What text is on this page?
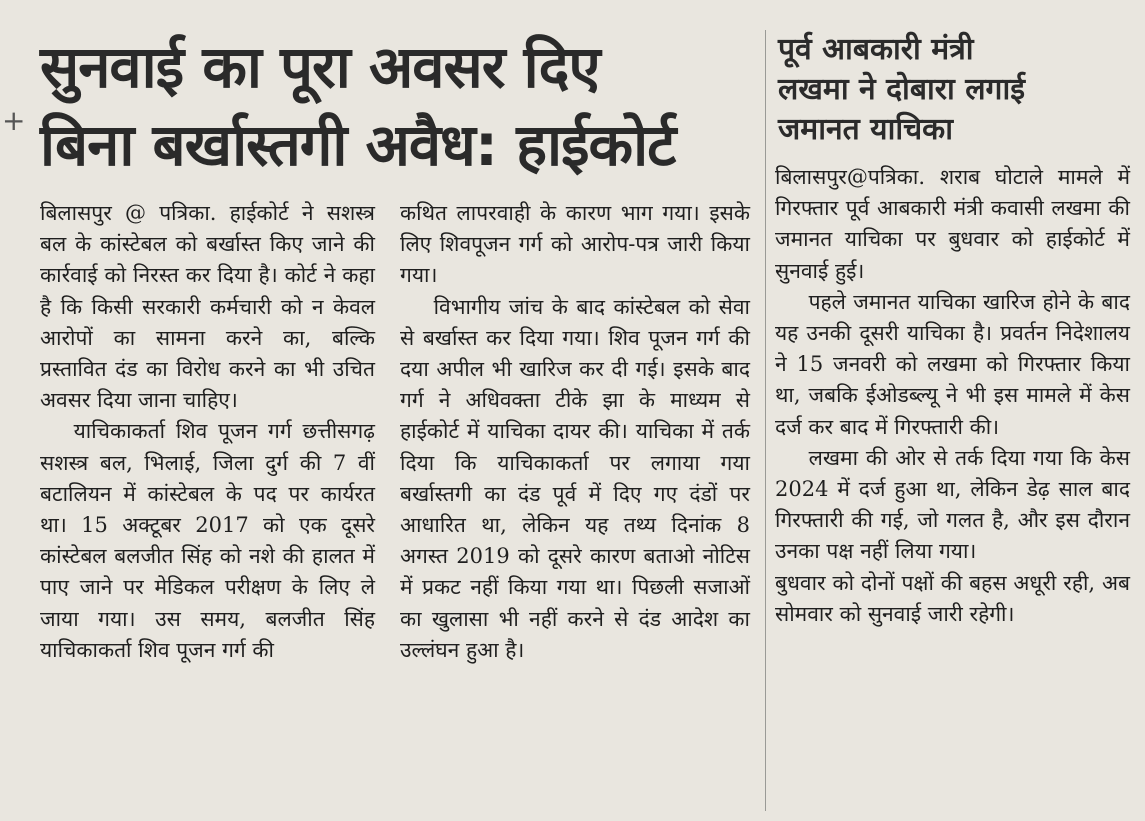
+
सुनवाई का पूरा अवसर दिए
बिना बर्खास्तगी अवैध: हाईकोर्ट
पूर्व आबकारी मंत्री
लखमा ने दोबारा लगाई
जमानत याचिका

बिलासपुर @ पत्रिका. हाईकोर्ट ने सशस्त्र बल के कांस्टेबल को बर्खास्त किए जाने की कार्रवाई को निरस्त कर दिया है। कोर्ट ने कहा है कि किसी सरकारी कर्मचारी को न केवल आरोपों का सामना करने का, बल्कि प्रस्तावित दंड का विरोध करने का भी उचित अवसर दिया जाना चाहिए।

याचिकाकर्ता शिव पूजन गर्ग छत्तीसगढ़ सशस्त्र बल, भिलाई, जिला दुर्ग की 7 वीं बटालियन में कांस्टेबल के पद पर कार्यरत था। 15 अक्टूबर 2017 को एक दूसरे कांस्टेबल बलजीत सिंह को नशे की हालत में पाए जाने पर मेडिकल परीक्षण के लिए ले जाया गया। उस समय, बलजीत सिंह याचिकाकर्ता शिव पूजन गर्ग की

कथित लापरवाही के कारण भाग गया। इसके लिए शिवपूजन गर्ग को आरोप-पत्र जारी किया गया।

विभागीय जांच के बाद कांस्टेबल को सेवा से बर्खास्त कर दिया गया। शिव पूजन गर्ग की दया अपील भी खारिज कर दी गई। इसके बाद गर्ग ने अधिवक्ता टीके झा के माध्यम से हाईकोर्ट में याचिका दायर की। याचिका में तर्क दिया कि याचिकाकर्ता पर लगाया गया बर्खास्तगी का दंड पूर्व में दिए गए दंडों पर आधारित था, लेकिन यह तथ्य दिनांक 8 अगस्त 2019 को दूसरे कारण बताओ नोटिस में प्रकट नहीं किया गया था। पिछली सजाओं का खुलासा भी नहीं करने से दंड आदेश का उल्लंघन हुआ है।

बिलासपुर@पत्रिका. शराब घोटाले मामले में गिरफ्तार पूर्व आबकारी मंत्री कवासी लखमा की जमानत याचिका पर बुधवार को हाईकोर्ट में सुनवाई हुई।

पहले जमानत याचिका खारिज होने के बाद यह उनकी दूसरी याचिका है। प्रवर्तन निदेशालय ने 15 जनवरी को लखमा को गिरफ्तार किया था, जबकि ईओडब्ल्यू ने भी इस मामले में केस दर्ज कर बाद में गिरफ्तारी की।

लखमा की ओर से तर्क दिया गया कि केस 2024 में दर्ज हुआ था, लेकिन डेढ़ साल बाद गिरफ्तारी की गई, जो गलत है, और इस दौरान उनका पक्ष नहीं लिया गया।

बुधवार को दोनों पक्षों की बहस अधूरी रही, अब सोमवार को सुनवाई जारी रहेगी।
